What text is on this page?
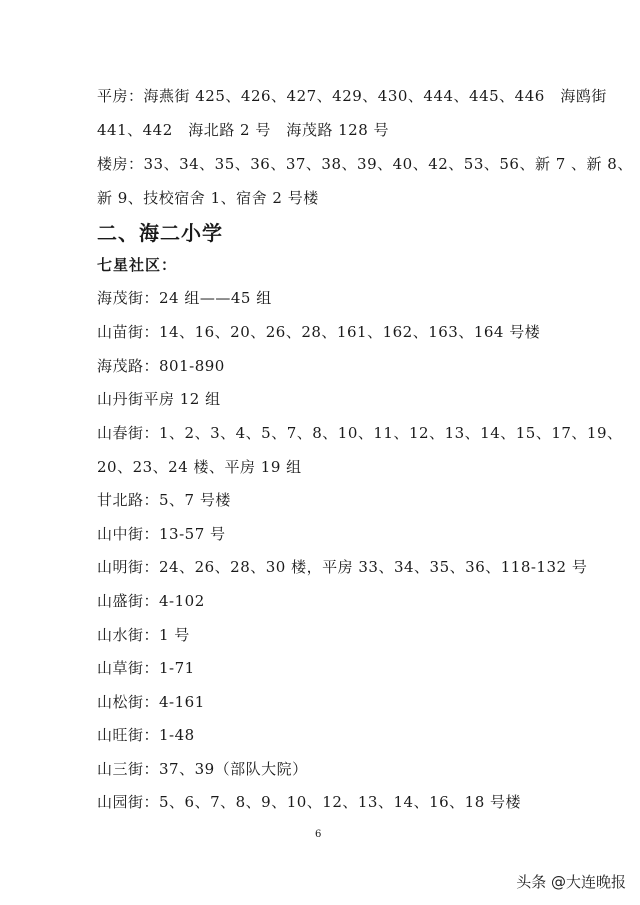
平房：海燕街 425、426、427、429、430、444、445、446　海鸥街
441、442　海北路 2 号　海茂路 128 号
楼房：33、34、35、36、37、38、39、40、42、53、56、新 7 、新 8、
新 9、技校宿舍 1、宿舍 2 号楼
二、海二小学
七星社区：
海茂街：24 组——45 组
山苗街：14、16、20、26、28、161、162、163、164 号楼
海茂路：801-890
山丹街平房 12 组
山春街：1、2、3、4、5、7、8、10、11、12、13、14、15、17、19、
20、23、24 楼、平房 19 组
甘北路：5、7 号楼
山中街：13-57 号
山明街：24、26、28、30 楼，平房 33、34、35、36、118-132 号
山盛街：4-102
山水街：1 号
山草街：1-71
山松街：4-161
山旺街：1-48
山三街：37、39（部队大院）
山园街：5、6、7、8、9、10、12、13、14、16、18 号楼
6
头条 @大连晚报
